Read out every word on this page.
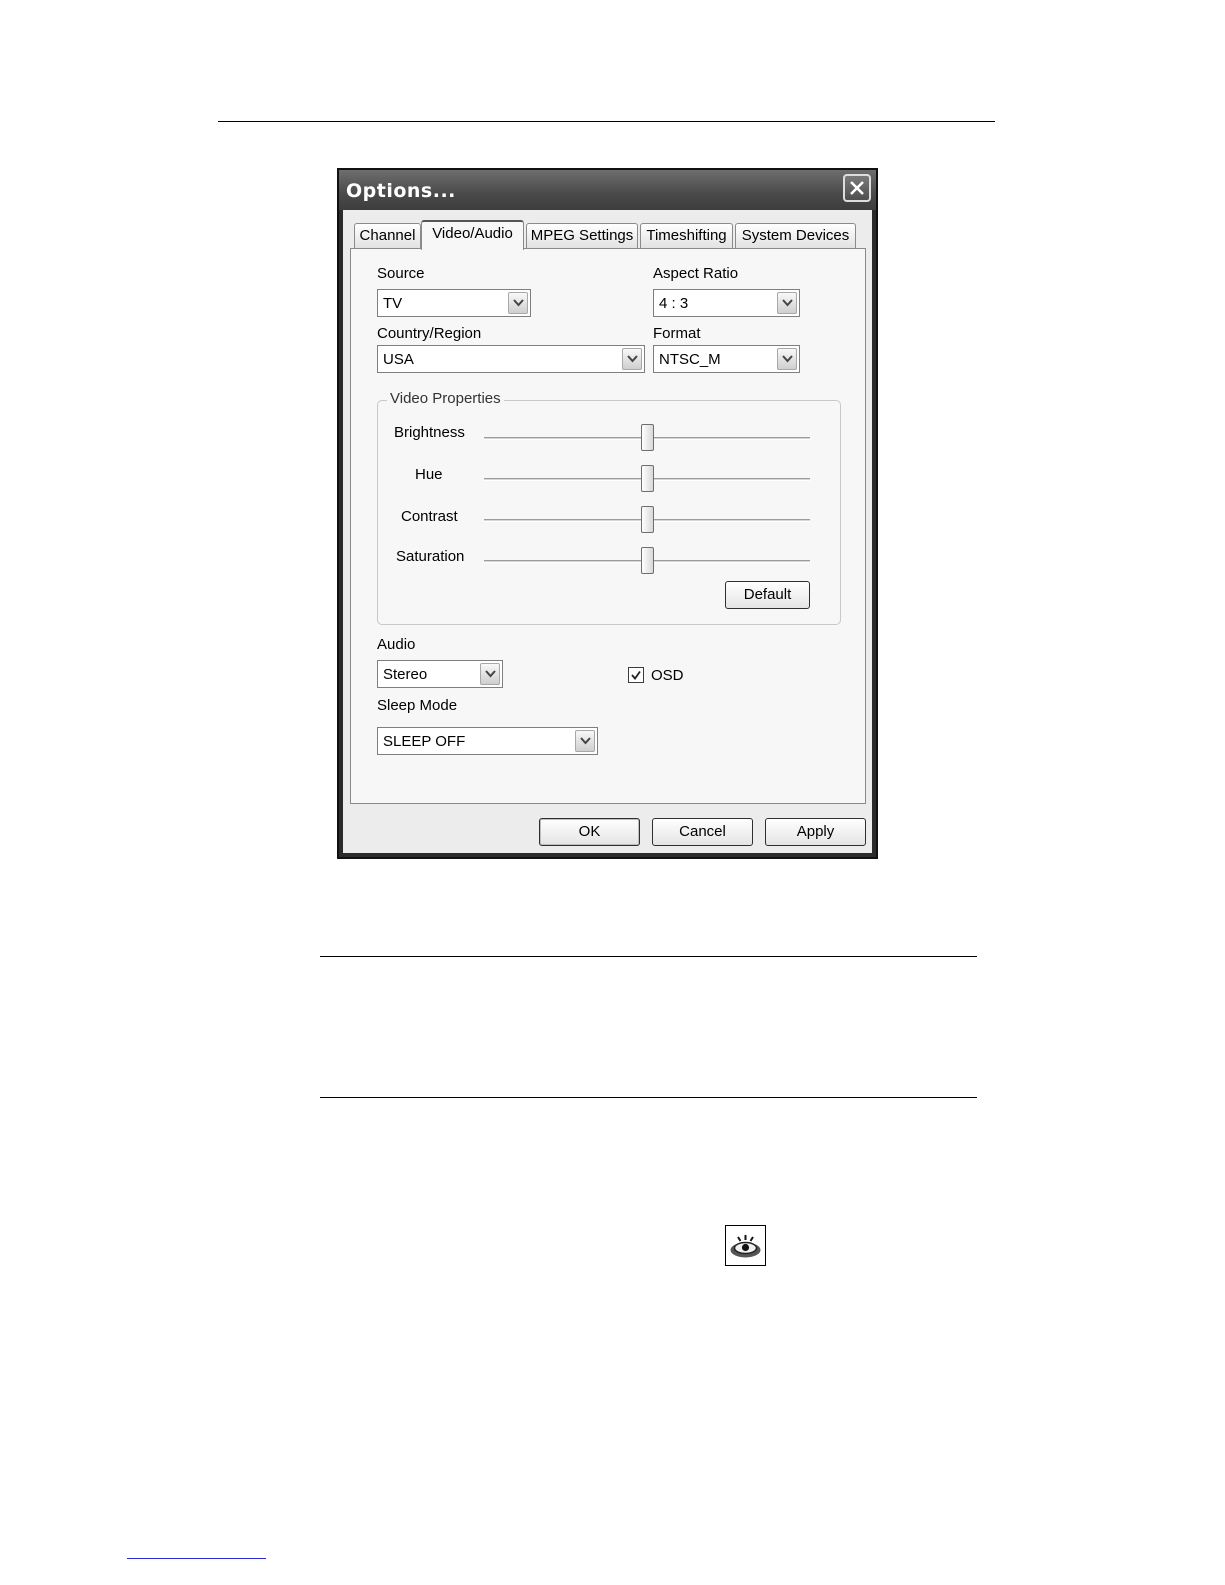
Options...
Channel	Video/Audio	MPEG Settings Timeshifting	System Devices
Source
TV
Aspect Ratio
4 : 3
Country/Region
USA
Format
NTSC_M
Video Properties
Brightness
Hue
Contrast
Saturation
Default
Audio
Stereo	OSD
Sleep Mode
SLEEP OFF
OK	Cancel	Apply
